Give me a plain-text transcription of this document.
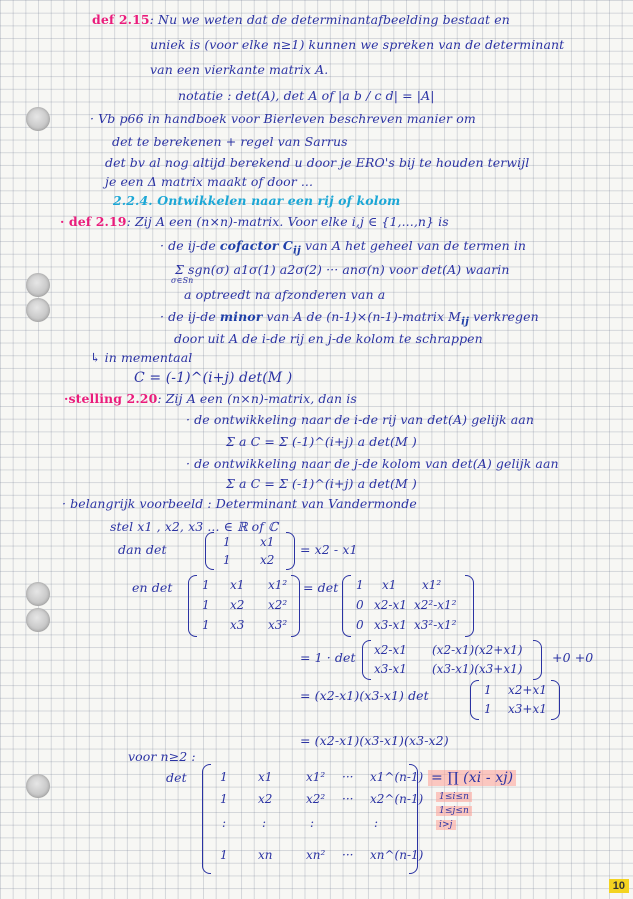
def 2.15: Nu we weten dat de determinantafbeelding bestaat en
uniek is (voor elke n≥1) kunnen we spreken van de determinant
van een vierkante matrix A.
notatie : det(A), det A of |a b / c d| = |A|
· Vb p66 in handboek voor Bierleven beschreven manier om
det te berekenen + regel van Sarrus
det bv al nog altijd berekend u door je ERO's bij te houden terwijl
je een Δ matrix maakt of door ...
2.2.4. Ontwikkelen naar een rij of kolom
· def 2.19: Zij A een (n×n)-matrix. Voor elke i,j ∈ {1,...,n} is
· de ij-de cofactor $C_{ij}$ van A het geheel van de termen in
Σ sgn(σ) a1σ(1) a2σ(2) ··· anσ(n) voor det(A) waarin
σ∈Sn
a optreedt na afzonderen van a
· de ij-de minor van A de (n-1)×(n-1)-matrix $M_{ij}$ verkregen
door uit A de i-de rij en j-de kolom te schrappen
↳ in mementaal
C = (-1)^(i+j) det(M )
·stelling 2.20: Zij A een (n×n)-matrix, dan is
· de ontwikkeling naar de i-de rij van det(A) gelijk aan
Σ a C = Σ (-1)^(i+j) a det(M )
· de ontwikkeling naar de j-de kolom van det(A) gelijk aan
Σ a C = Σ (-1)^(i+j) a det(M )
· belangrijk voorbeeld : Determinant van Vandermonde
stel x1 , x2, x3 ... ∈ ℝ of ℂ
dan det	1 x1
1 x2
= x2 - x1
en det 1 x1 x1²
1 x2 x2²
1 x3 x3²
= det 1 x1 x1²
0 x2-x1 x2²-x1²
0 x3-x1 x3²-x1²
= 1 · det x2-x1 (x2-x1)(x2+x1)
x3-x1 (x3-x1)(x3+x1)
+0 +0
= (x2-x1)(x3-x1) det	1 x2+x1
1 x3+x1
= (x2-x1)(x3-x1)(x3-x2)
voor n≥2 :
det	1	x1	x1² ··· x1^(n-1)
1	x2	x2² ··· x2^(n-1)
:	:	:	:
1	xn	xn² ··· xn^(n-1)
= ∏ (xi - xj)
1≤i≤n
1≤j≤n
i>j
10
